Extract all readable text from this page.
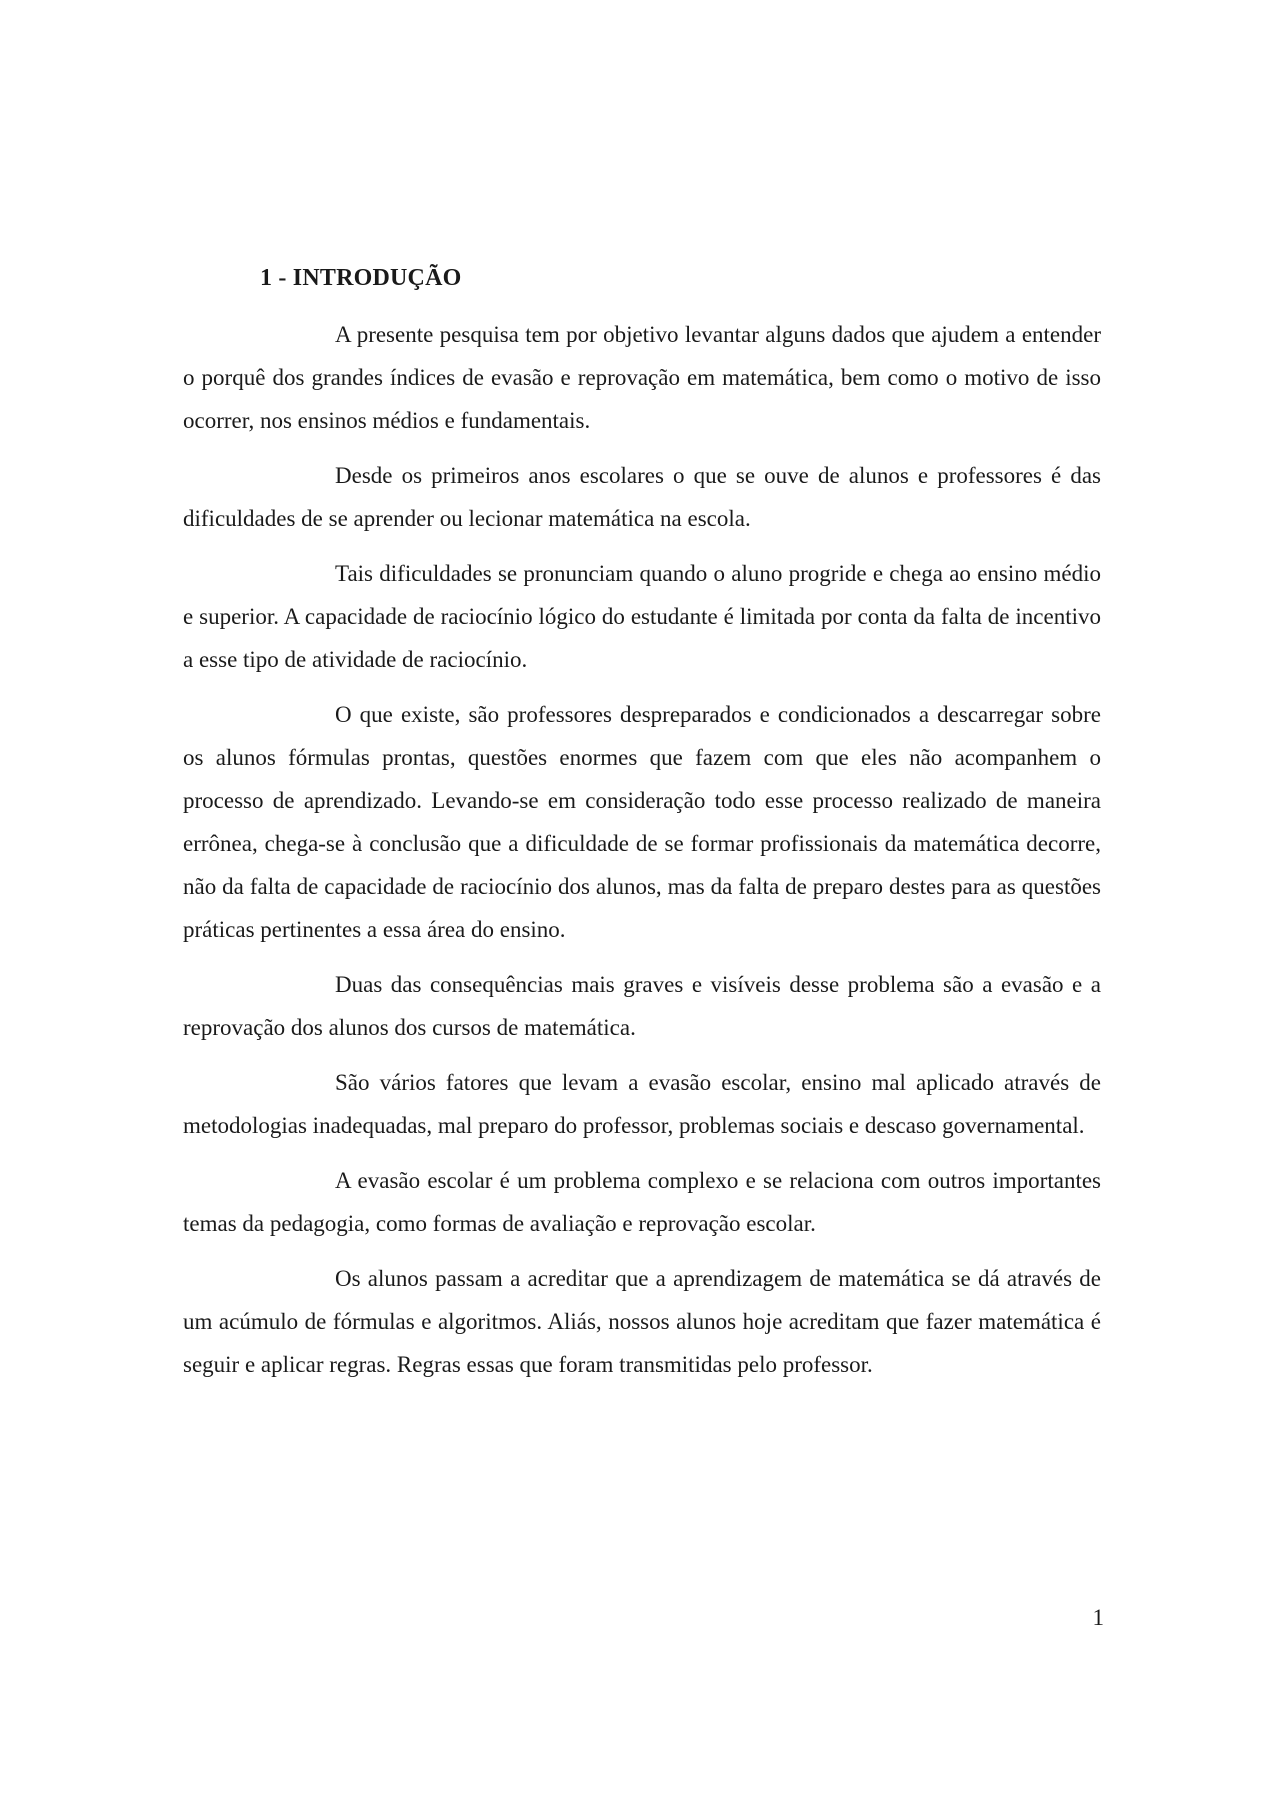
1 - INTRODUÇÃO

A presente pesquisa tem por objetivo levantar alguns dados que ajudem a entender o porquê dos grandes índices de evasão e reprovação em matemática, bem como o motivo de isso ocorrer, nos ensinos médios e fundamentais.

Desde os primeiros anos escolares o que se ouve de alunos e professores é das dificuldades de se aprender ou lecionar matemática na escola.

Tais dificuldades se pronunciam quando o aluno progride e chega ao ensino médio e superior. A capacidade de raciocínio lógico do estudante é limitada por conta da falta de incentivo a esse tipo de atividade de raciocínio.

O que existe, são professores despreparados e condicionados a descarregar sobre os alunos fórmulas prontas, questões enormes que fazem com que eles não acompanhem o processo de aprendizado. Levando-se em consideração todo esse processo realizado de maneira errônea, chega-se à conclusão que a dificuldade de se formar profissionais da matemática decorre, não da falta de capacidade de raciocínio dos alunos, mas da falta de preparo destes para as questões práticas pertinentes a essa área do ensino.

Duas das consequências mais graves e visíveis desse problema são a evasão e a reprovação dos alunos dos cursos de matemática.

São vários fatores que levam a evasão escolar, ensino mal aplicado através de metodologias inadequadas, mal preparo do professor, problemas sociais e descaso governamental.

A evasão escolar é um problema complexo e se relaciona com outros importantes temas da pedagogia, como formas de avaliação e reprovação escolar.

Os alunos passam a acreditar que a aprendizagem de matemática se dá através de um acúmulo de fórmulas e algoritmos. Aliás, nossos alunos hoje acreditam que fazer matemática é seguir e aplicar regras. Regras essas que foram transmitidas pelo professor.

1
